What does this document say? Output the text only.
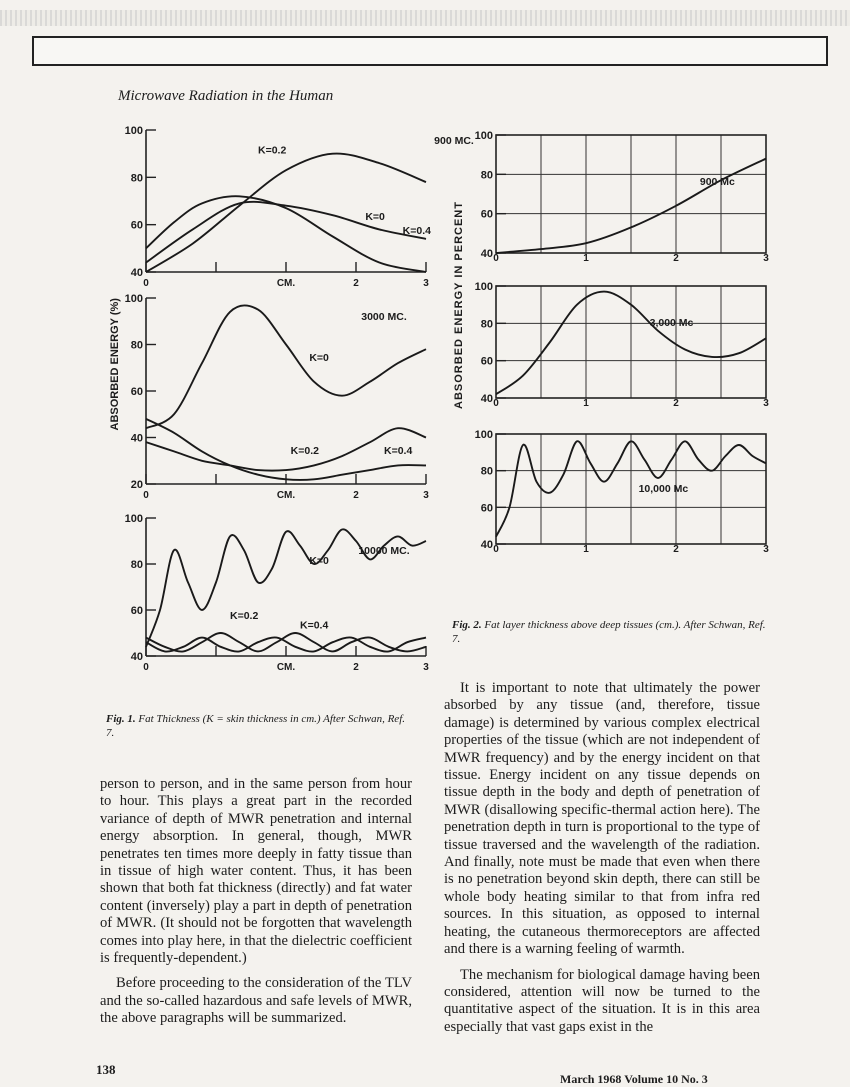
Microwave Radiation in the Human
100
80
60
40
0	CM.	2	3
K=0.2
K=0
K=0.4
900 MC.
100
80
60
40
20
0	CM.	2	3
ABSORBED ENERGY (%)	K=0
K=0.2	K=0.4
3000 MC.
100
80
60
40
0	CM.	2	3
K=0
K=0.2
K=0.4
10000 MC.
100
80
60
40 0	1	2	3
900 Mc
100
80
60
40 0	1	2	3
3,000 Mc
100
80
60
40 0	1	2	3
10,000 Mc
ABSORBED ENERGY IN PERCENT
Fig. 1. Fat Thickness (K = skin thickness in cm.) After Schwan, Ref. 7.
Fig. 2. Fat layer thickness above deep tissues (cm.). After Schwan, Ref. 7.

person to person, and in the same person from hour to hour. This plays a great part in the recorded variance of depth of MWR penetration and internal energy absorption. In general, though, MWR penetrates ten times more deeply in fatty tissue than in tissue of high water content. Thus, it has been shown that both fat thickness (directly) and fat water content (inversely) play a part in depth of penetration of MWR. (It should not be forgotten that wavelength comes into play here, in that the dielectric coefficient is frequently-dependent.)

Before proceeding to the consideration of the TLV and the so-called hazardous and safe levels of MWR, the above paragraphs will be summarized.

It is important to note that ultimately the power absorbed by any tissue (and, therefore, tissue damage) is determined by various complex electrical properties of the tissue (which are not independent of MWR frequency) and by the energy incident on that tissue. Energy incident on any tissue depends on tissue depth in the body and depth of penetration of MWR (disallowing specific-thermal action here). The penetration depth in turn is proportional to the type of tissue traversed and the wavelength of the radiation. And finally, note must be made that even when there is no penetration beyond skin depth, there can still be whole body heating similar to that from infra red sources. In this situation, as opposed to internal heating, the cutaneous thermoreceptors are affected and there is a warning feeling of warmth.

The mechanism for biological damage having been considered, attention will now be turned to the quantitative aspect of the situation. It is in this area especially that vast gaps exist in the

138
March 1968 Volume 10 No. 3
